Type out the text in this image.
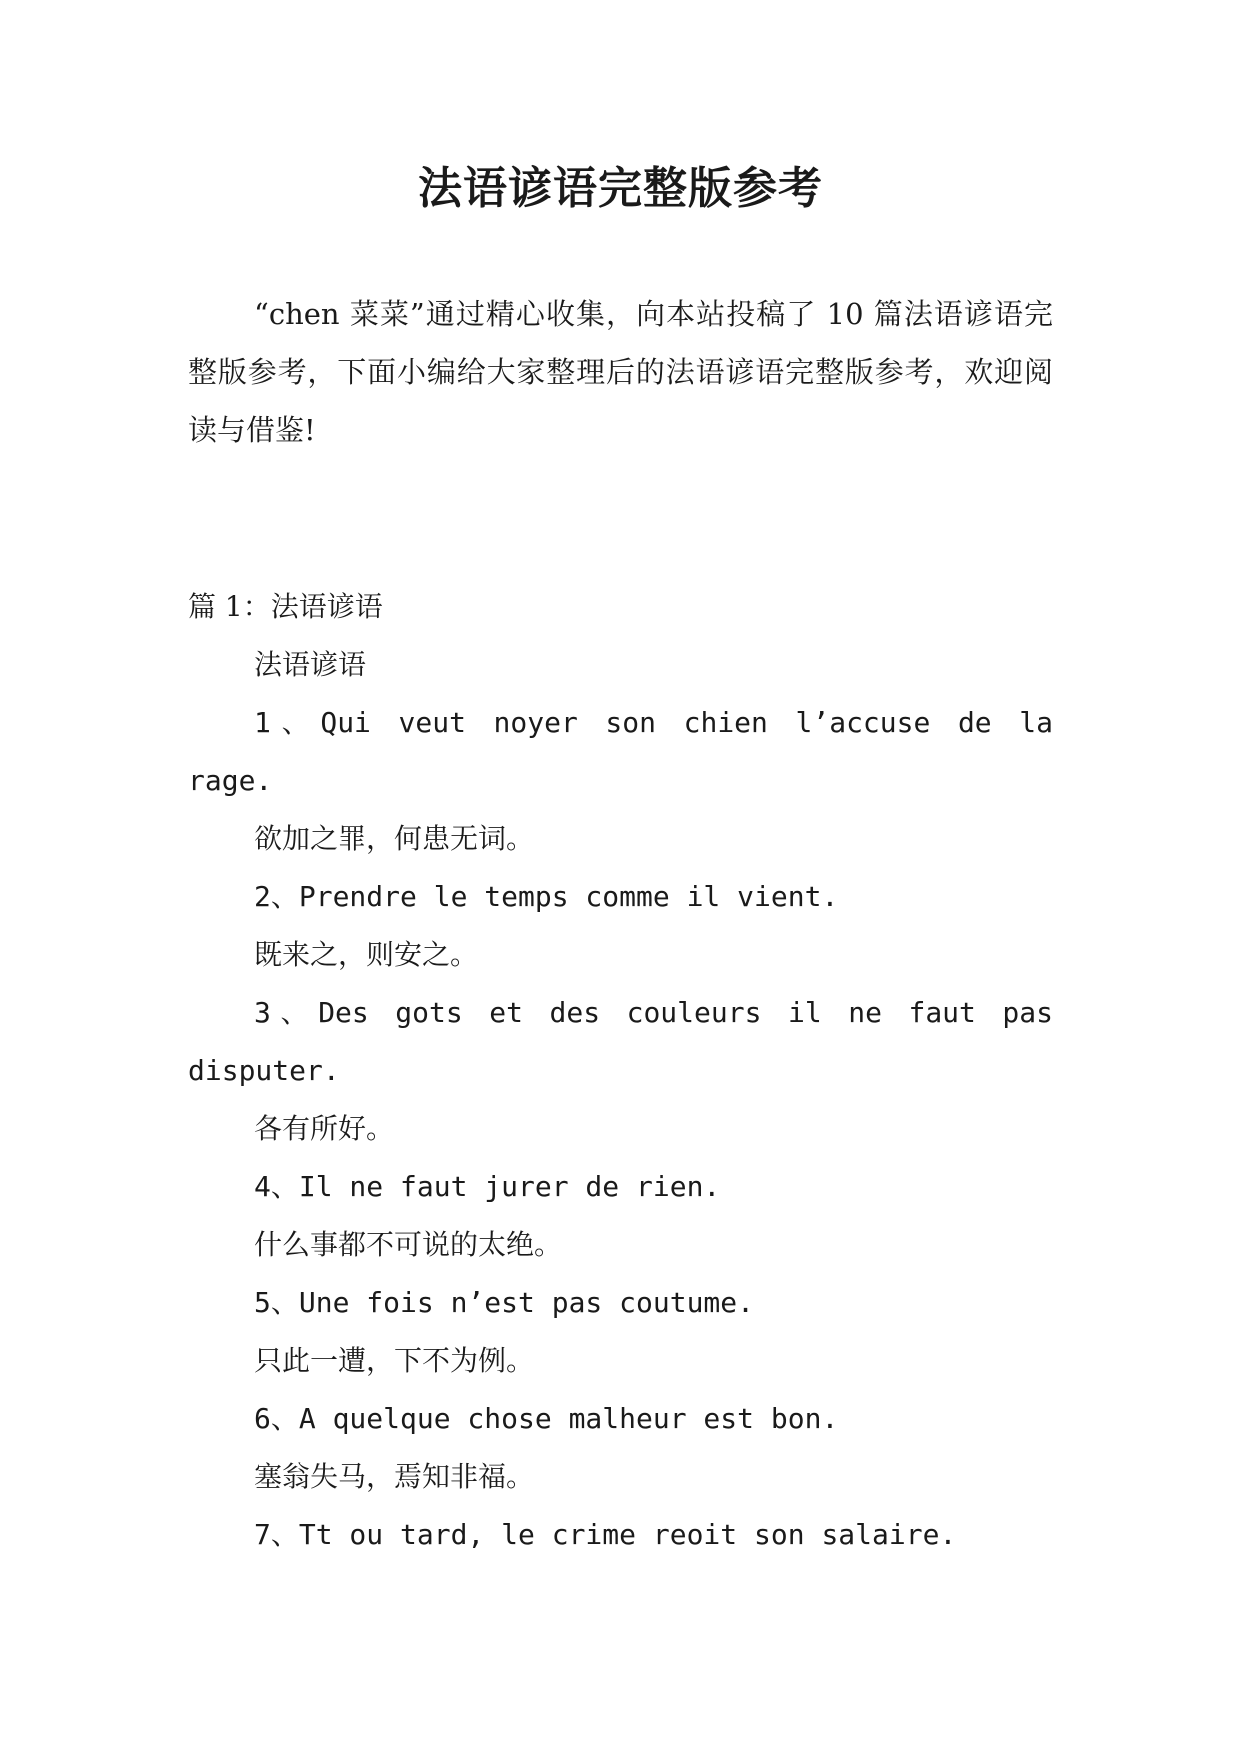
法语谚语完整版参考

“chen 菜菜”通过精心收集，向本站投稿了 10 篇法语谚语完整版参考，下面小编给大家整理后的法语谚语完整版参考，欢迎阅读与借鉴!

篇 1：法语谚语

法语谚语

1、Qui veut noyer son chien l’accuse de la rage.

欲加之罪，何患无词。

2、Prendre le temps comme il vient.

既来之，则安之。

3、Des gots et des couleurs il ne faut pas disputer.

各有所好。

4、Il ne faut jurer de rien.

什么事都不可说的太绝。

5、Une fois n’est pas coutume.

只此一遭，下不为例。

6、A quelque chose malheur est bon.

塞翁失马，焉知非福。

7、Tt ou tard, le crime reoit son salaire.
